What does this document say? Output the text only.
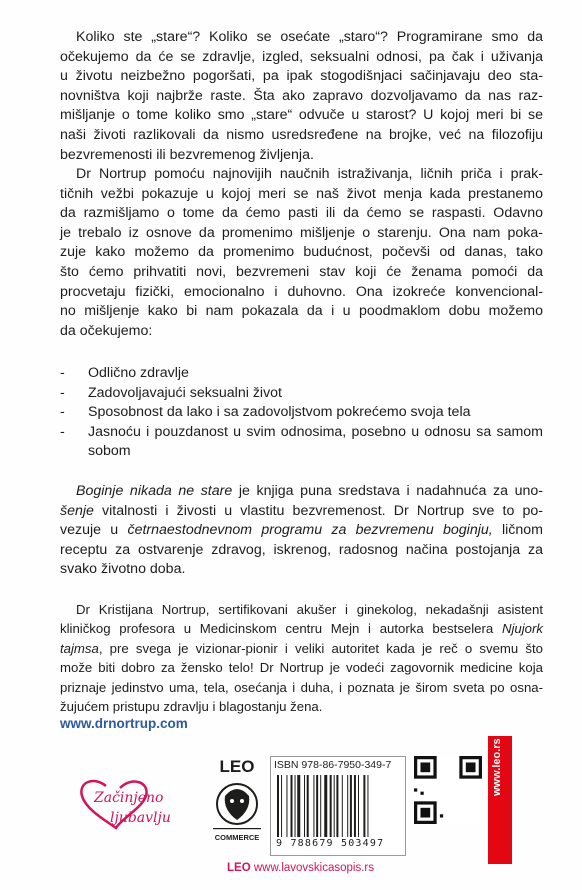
Koliko ste „stare“? Koliko se osećate „staro“? Programirane smo da
očekujemo da će se zdravlje, izgled, seksualni odnosi, pa čak i uživanja
u životu neizbežno pogoršati, pa ipak stogodišnjaci sačinjavaju deo sta-
novništva koji najbrže raste. Šta ako zapravo dozvoljavamo da nas raz-
mišljanje o tome koliko smo „stare“ odvuče u starost? U kojoj meri bi se
naši životi razlikovali da nismo usredsređene na brojke, već na filozofiju
bezvremenosti ili bezvremenog življenja.
Dr Nortrup pomoću najnovijih naučnih istraživanja, ličnih priča i prak-
tičnih vežbi pokazuje u kojoj meri se naš život menja kada prestanemo
da razmišljamo o tome da ćemo pasti ili da ćemo se raspasti. Odavno
je trebalo iz osnove da promenimo mišljenje o starenju. Ona nam poka-
zuje kako možemo da promenimo budućnost, počevši od danas, tako
što ćemo prihvatiti novi, bezvremeni stav koji će ženama pomoći da
procvetaju fizički, emocionalno i duhovno. Ona izokreće konvencional-
no mišljenje kako bi nam pokazala da i u poodmaklom dobu možemo
da očekujemo:
-	Odlično zdravlje
-	Zadovoljavajući seksualni život
-	Sposobnost da lako i sa zadovoljstvom pokrećemo svoja tela
-	Jasnoću i pouzdanost u svim odnosima, posebno u odnosu sa samom sobom
Boginje nikada ne stare je knjiga puna sredstava i nadahnuća za uno-
šenje vitalnosti i živosti u vlastitu bezvremenost. Dr Nortrup sve to po-
vezuje u četrnaestodnevnom programu za bezvremenu boginju, ličnom
receptu za ostvarenje zdravog, iskrenog, radosnog načina postojanja za
svako životno doba.
Dr Kristijana Nortrup, sertifikovani akušer i ginekolog, nekadašnji asistent
kliničkog profesora u Medicinskom centru Mejn i autorka bestselera Njujork
tajmsa, pre svega je vizionar-pionir i veliki autoritet kada je reč o svemu što
može biti dobro za žensko telo! Dr Nortrup je vodeći zagovornik medicine koja
priznaje jedinstvo uma, tela, osećanja i duha, i poznata je širom sveta po osna-
žujućem pristupu zdravlju i blagostanju žena.
www.drnortrup.com
Začinjeno
ljubavlju
LEO
COMMERCE
ISBN 978-86-7950-349-7
9 788679 503497
www.leo.rs
LEO www.lavovskicasopis.rs
